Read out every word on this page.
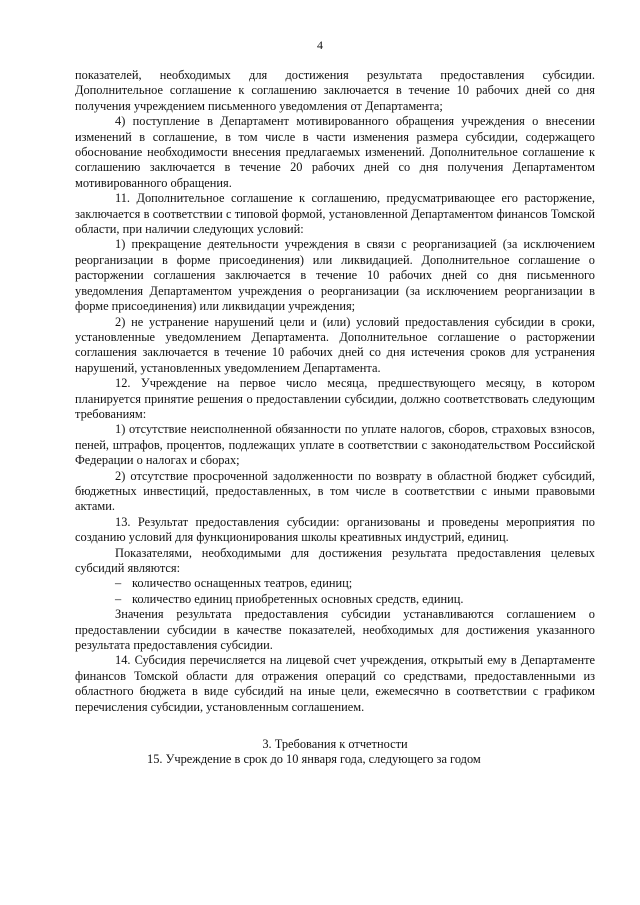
4

показателей, необходимых для достижения результата предоставления субсидии. Дополнительное соглашение к соглашению заключается в течение 10 рабочих дней со дня получения учреждением письменного уведомления от Департамента;

4) поступление в Департамент мотивированного обращения учреждения о внесении изменений в соглашение, в том числе в части изменения размера субсидии, содержащего обоснование необходимости внесения предлагаемых изменений. Дополнительное соглашение к соглашению заключается в течение 20 рабочих дней со дня получения Департаментом мотивированного обращения.

11. Дополнительное соглашение к соглашению, предусматривающее его расторжение, заключается в соответствии с типовой формой, установленной Департаментом финансов Томской области, при наличии следующих условий:

1) прекращение деятельности учреждения в связи с реорганизацией (за исключением реорганизации в форме присоединения) или ликвидацией. Дополнительное соглашение о расторжении соглашения заключается в течение 10 рабочих дней со дня письменного уведомления Департаментом учреждения о реорганизации (за исключением реорганизации в форме присоединения) или ликвидации учреждения;

2) не устранение нарушений цели и (или) условий предоставления субсидии в сроки, установленные уведомлением Департамента. Дополнительное соглашение о расторжении соглашения заключается в течение 10 рабочих дней со дня истечения сроков для устранения нарушений, установленных уведомлением Департамента.

12. Учреждение на первое число месяца, предшествующего месяцу, в котором планируется принятие решения о предоставлении субсидии, должно соответствовать следующим требованиям:

1) отсутствие неисполненной обязанности по уплате налогов, сборов, страховых взносов, пеней, штрафов, процентов, подлежащих уплате в соответствии с законодательством Российской Федерации о налогах и сборах;

2) отсутствие просроченной задолженности по возврату в областной бюджет субсидий, бюджетных инвестиций, предоставленных, в том числе в соответствии с иными правовыми актами.

13. Результат предоставления субсидии: организованы и проведены мероприятия по созданию условий для функционирования школы креативных индустрий, единиц.

Показателями, необходимыми для достижения результата предоставления целевых субсидий являются:

– количество оснащенных театров, единиц;

– количество единиц приобретенных основных средств, единиц.

Значения результата предоставления субсидии устанавливаются соглашением о предоставлении субсидии в качестве показателей, необходимых для достижения указанного результата предоставления субсидии.

14. Субсидия перечисляется на лицевой счет учреждения, открытый ему в Департаменте финансов Томской области для отражения операций со средствами, предоставленными из областного бюджета в виде субсидий на иные цели, ежемесячно в соответствии с графиком перечисления субсидии, установленным соглашением.

3. Требования к отчетности

15. Учреждение в срок до 10 января года, следующего за годом
